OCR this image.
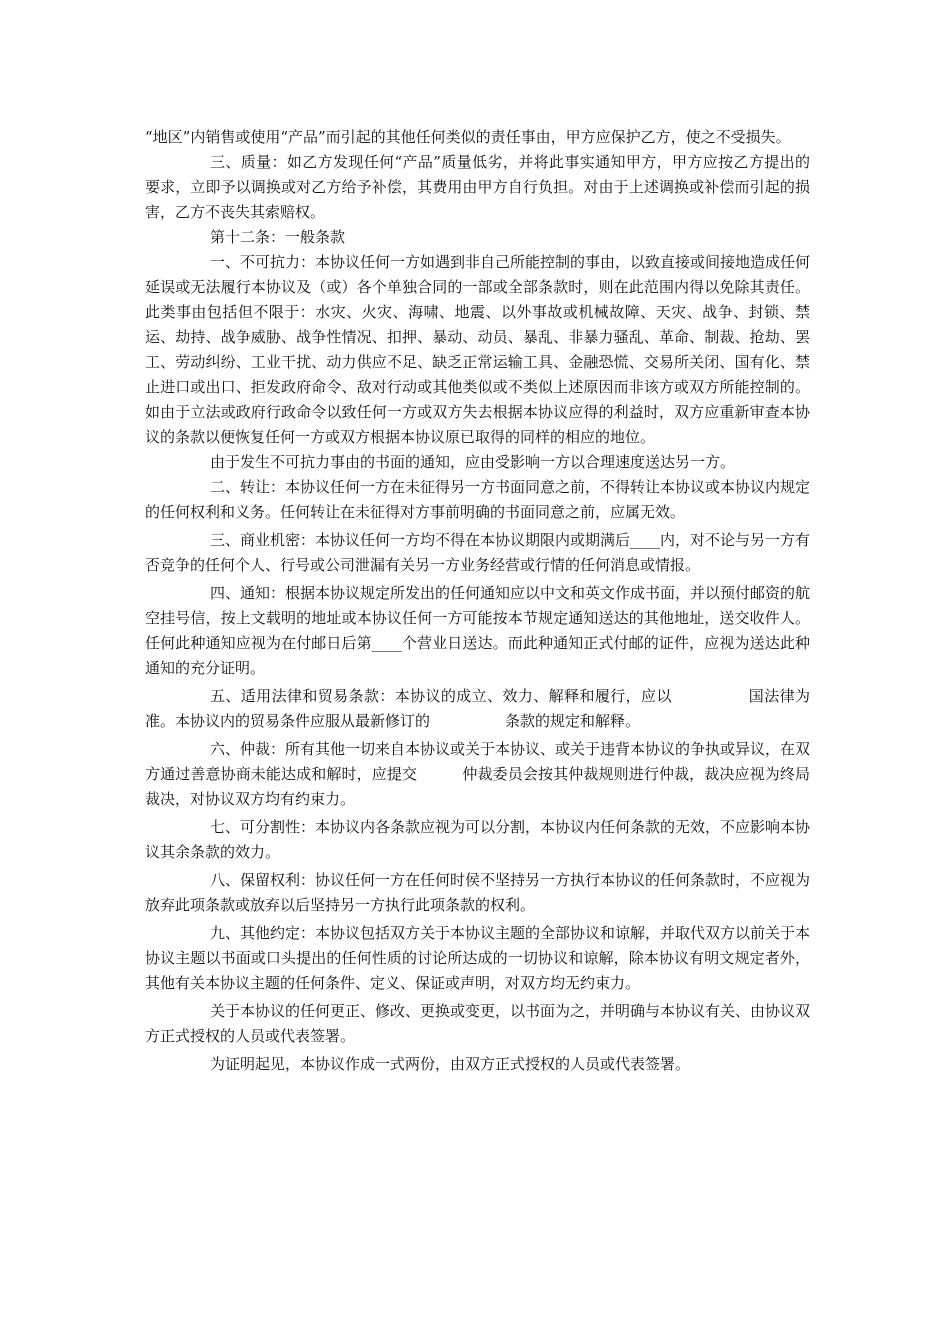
“地区”内销售或使用“产品”而引起的其他任何类似的责任事由，甲方应保护乙方，使之不受损失。

三、质量：如乙方发现任何“产品”质量低劣，并将此事实通知甲方，甲方应按乙方提出的要求，立即予以调换或对乙方给予补偿，其费用由甲方自行负担。对由于上述调换或补偿而引起的损害，乙方不丧失其索赔权。

第十二条：一般条款

一、不可抗力：本协议任何一方如遇到非自己所能控制的事由，以致直接或间接地造成任何延误或无法履行本协议及（或）各个单独合同的一部或全部条款时，则在此范围内得以免除其责任。此类事由包括但不限于：水灾、火灾、海啸、地震、以外事故或机械故障、天灾、战争、封锁、禁运、劫持、战争威胁、战争性情况、扣押、暴动、动员、暴乱、非暴力骚乱、革命、制裁、抢劫、罢工、劳动纠纷、工业干扰、动力供应不足、缺乏正常运输工具、金融恐慌、交易所关闭、国有化、禁止进口或出口、拒发政府命令、敌对行动或其他类似或不类似上述原因而非该方或双方所能控制的。如由于立法或政府行政命令以致任何一方或双方失去根据本协议应得的利益时，双方应重新审查本协议的条款以便恢复任何一方或双方根据本协议原已取得的同样的相应的地位。

由于发生不可抗力事由的书面的通知，应由受影响一方以合理速度送达另一方。

二、转让：本协议任何一方在未征得另一方书面同意之前，不得转让本协议或本协议内规定的任何权利和义务。任何转让在未征得对方事前明确的书面同意之前，应属无效。

三、商业机密：本协议任何一方均不得在本协议期限内或期满后____内，对不论与另一方有否竞争的任何个人、行号或公司泄漏有关另一方业务经营或行情的任何消息或情报。

四、通知：根据本协议规定所发出的任何通知应以中文和英文作成书面，并以预付邮资的航空挂号信，按上文载明的地址或本协议任何一方可能按本节规定通知送达的其他地址，送交收件人。任何此种通知应视为在付邮日后第____个营业日送达。而此种通知正式付邮的证件，应视为送达此种通知的充分证明。

五、适用法律和贸易条款：本协议的成立、效力、解释和履行，应以　　　　　国法律为准。本协议内的贸易条件应服从最新修订的　　　　　条款的规定和解释。

六、仲裁：所有其他一切来自本协议或关于本协议、或关于违背本协议的争执或异议，在双方通过善意协商未能达成和解时，应提交　　　仲裁委员会按其仲裁规则进行仲裁，裁决应视为终局裁决，对协议双方均有约束力。

七、可分割性：本协议内各条款应视为可以分割，本协议内任何条款的无效，不应影响本协议其余条款的效力。

八、保留权利：协议任何一方在任何时侯不坚持另一方执行本协议的任何条款时，不应视为放弃此项条款或放弃以后坚持另一方执行此项条款的权利。

九、其他约定：本协议包括双方关于本协议主题的全部协议和谅解，并取代双方以前关于本协议主题以书面或口头提出的任何性质的讨论所达成的一切协议和谅解，除本协议有明文规定者外，其他有关本协议主题的任何条件、定义、保证或声明，对双方均无约束力。

关于本协议的任何更正、修改、更换或变更，以书面为之，并明确与本协议有关、由协议双方正式授权的人员或代表签署。

为证明起见，本协议作成一式两份，由双方正式授权的人员或代表签署。
